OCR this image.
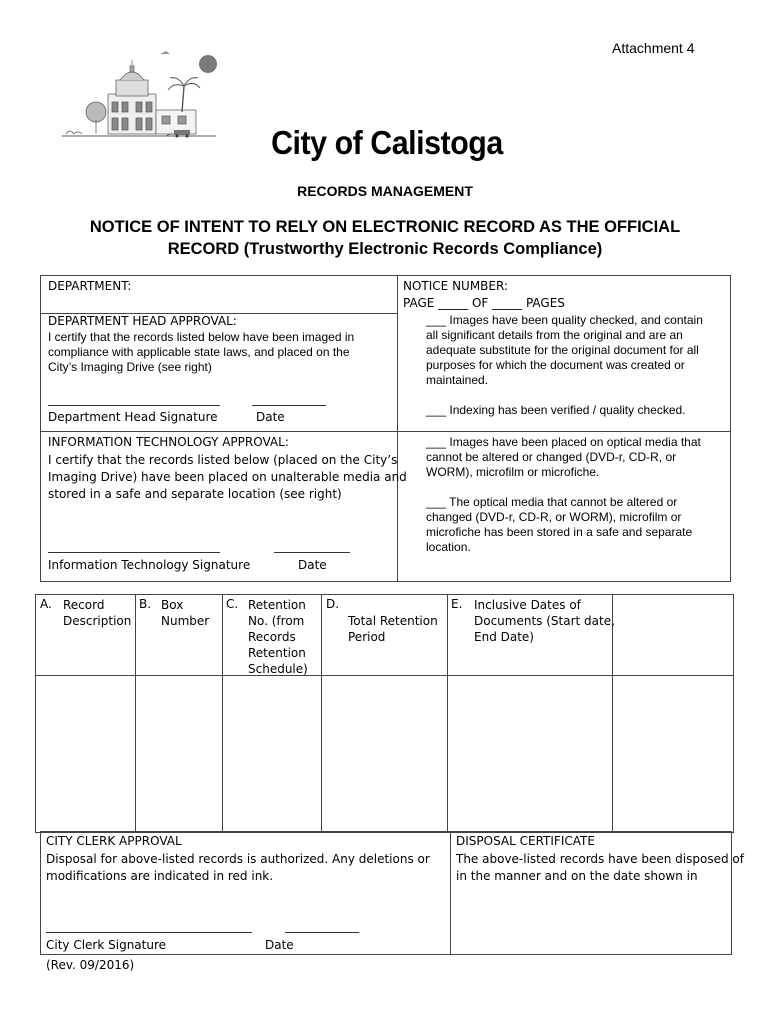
Attachment 4
City of Calistoga
RECORDS MANAGEMENT
NOTICE OF INTENT TO RELY ON ELECTRONIC RECORD AS THE OFFICIAL
RECORD (Trustworthy Electronic Records Compliance)
DEPARTMENT:	NOTICE NUMBER:
PAGE _____ OF _____ PAGES
DEPARTMENT HEAD APPROVAL:
I certify that the records listed below have been imaged in
compliance with applicable state laws, and placed on the
City’s Imaging Drive (see right)
Department Head Signature	Date
___ Images have been quality checked, and contain
all significant details from the original and are an
adequate substitute for the original document for all
purposes for which the document was created or
maintained.
___ Indexing has been verified / quality checked.
INFORMATION TECHNOLOGY APPROVAL:
I certify that the records listed below (placed on the City’s
Imaging Drive) have been placed on unalterable media and
stored in a safe and separate location (see right)
Information Technology Signature	Date
___ Images have been placed on optical media that
cannot be altered or changed (DVD-r, CD-R, or
WORM), microfilm or microfiche.
___ The optical media that cannot be altered or
changed (DVD-r, CD-R, or WORM), microfilm or
microfiche has been stored in a safe and separate
location.
A. Record
Description
B. Box
Number
C. Retention
No. (from
Records
Retention
Schedule)
D.
Total Retention
Period
E. Inclusive Dates of
Documents (Start date,
End Date)
CITY CLERK APPROVAL
Disposal for above-listed records is authorized. Any deletions or
modifications are indicated in red ink.
City Clerk Signature	Date
DISPOSAL CERTIFICATE
The above-listed records have been disposed of
in the manner and on the date shown in
(Rev. 09/2016)
